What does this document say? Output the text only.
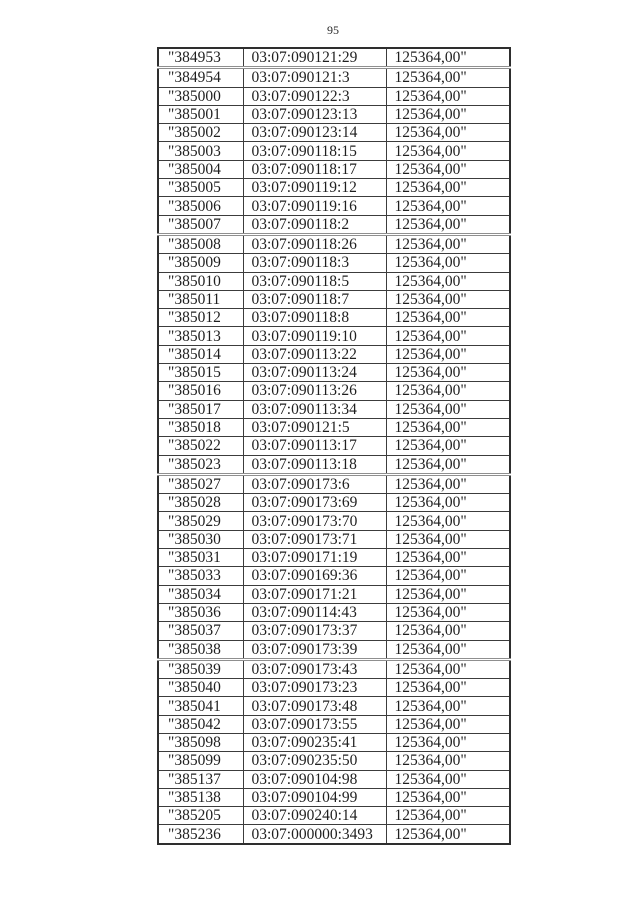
95
"384953	03:07:090121:29	125364,00"
"384954	03:07:090121:3	125364,00"
"385000	03:07:090122:3	125364,00"
"385001	03:07:090123:13	125364,00"
"385002	03:07:090123:14	125364,00"
"385003	03:07:090118:15	125364,00"
"385004	03:07:090118:17	125364,00"
"385005	03:07:090119:12	125364,00"
"385006	03:07:090119:16	125364,00"
"385007	03:07:090118:2	125364,00"
"385008	03:07:090118:26	125364,00"
"385009	03:07:090118:3	125364,00"
"385010	03:07:090118:5	125364,00"
"385011	03:07:090118:7	125364,00"
"385012	03:07:090118:8	125364,00"
"385013	03:07:090119:10	125364,00"
"385014	03:07:090113:22	125364,00"
"385015	03:07:090113:24	125364,00"
"385016	03:07:090113:26	125364,00"
"385017	03:07:090113:34	125364,00"
"385018	03:07:090121:5	125364,00"
"385022	03:07:090113:17	125364,00"
"385023	03:07:090113:18	125364,00"
"385027	03:07:090173:6	125364,00"
"385028	03:07:090173:69	125364,00"
"385029	03:07:090173:70	125364,00"
"385030	03:07:090173:71	125364,00"
"385031	03:07:090171:19	125364,00"
"385033	03:07:090169:36	125364,00"
"385034	03:07:090171:21	125364,00"
"385036	03:07:090114:43	125364,00"
"385037	03:07:090173:37	125364,00"
"385038	03:07:090173:39	125364,00"
"385039	03:07:090173:43	125364,00"
"385040	03:07:090173:23	125364,00"
"385041	03:07:090173:48	125364,00"
"385042	03:07:090173:55	125364,00"
"385098	03:07:090235:41	125364,00"
"385099	03:07:090235:50	125364,00"
"385137	03:07:090104:98	125364,00"
"385138	03:07:090104:99	125364,00"
"385205	03:07:090240:14	125364,00"
"385236	03:07:000000:3493	125364,00"
